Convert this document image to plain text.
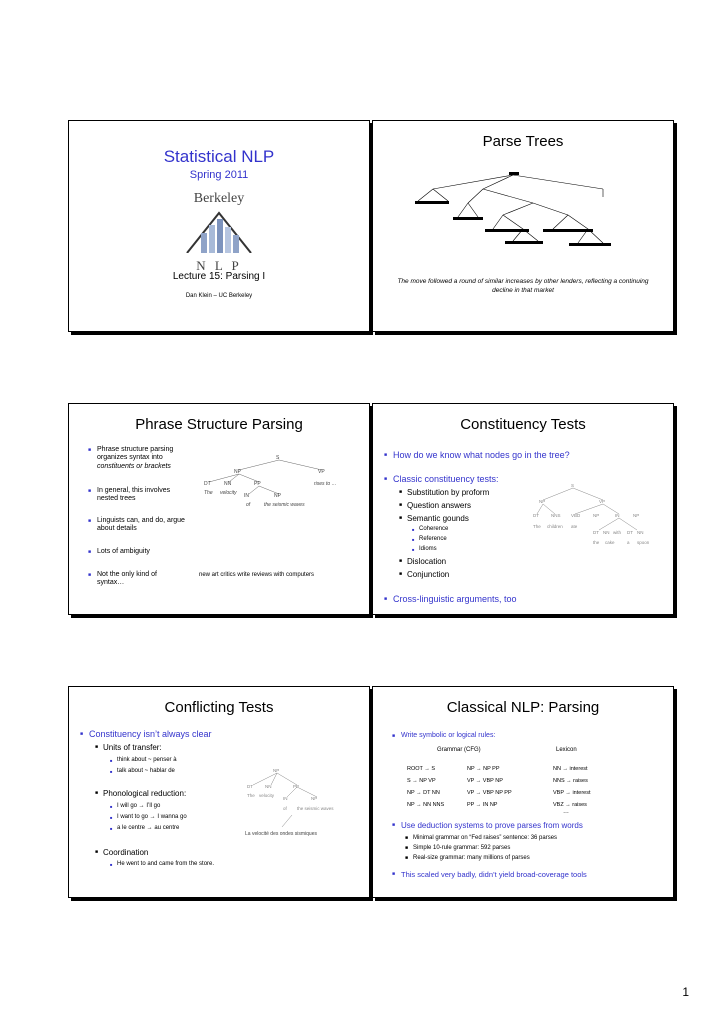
Statistical NLP
Spring 2011
Berkeley
N L P
Lecture 15: Parsing I
Dan Klein – UC Berkeley
Parse Trees
The move followed a round of similar increases by other lenders, reflecting a continuing decline in that market
Phrase Structure Parsing
■ Phrase structure parsing organizes syntax into
constituents or brackets
■ In general, this involves nested trees
■ Linguists can, and do, argue about details
■ Lots of ambiguity
■ Not the only kind of syntax…
new art critics write reviews with computers
S
NP	VP
DT	NN	PP
IN	NP
The velocity
of	the seismic waves
rises to …
Constituency Tests
■ How do we know what nodes go in the tree?
■ Classic constituency tests:
■ Substitution by proform
■ Question answers
■ Semantic gounds
■ Coherence
■ Reference
■ Idioms
■ Dislocation
■ Conjunction
■ Cross-linguistic arguments, too
S
NP	VP
DT	NNS VBD	NP	IN	NP
The children ate
DT NN with DT NN
the cake	a spoon
Conflicting Tests
■ Constituency isn’t always clear
■ Units of transfer:
■ think about ~ penser à
■ talk about ~ hablar de
■ Phonological reduction:
■ I will go → I’ll go
■ I want to go → I wanna go
■ a le centre → au centre
■ Coordination
■ He went to and came from the store.
NP
DT	NN	PP
The velocity
IN	NP
of the seismic waves
La velocité des ondes sismiques
Classical NLP: Parsing
■ Write symbolic or logical rules:
Grammar (CFG)	Lexicon
ROOT → S	NP → NP PP	NN → interest
S → NP VP	VP → VBP NP	NNS → raises
NP → DT NN	VP → VBP NP PP	VBP → interest
NP → NN NNS	PP → IN NP	VBZ → raises
…
■ Use deduction systems to prove parses from words
■ Minimal grammar on “Fed raises” sentence: 36 parses
■ Simple 10-rule grammar: 592 parses
■ Real-size grammar: many millions of parses
■ This scaled very badly, didn’t yield broad-coverage tools
1
